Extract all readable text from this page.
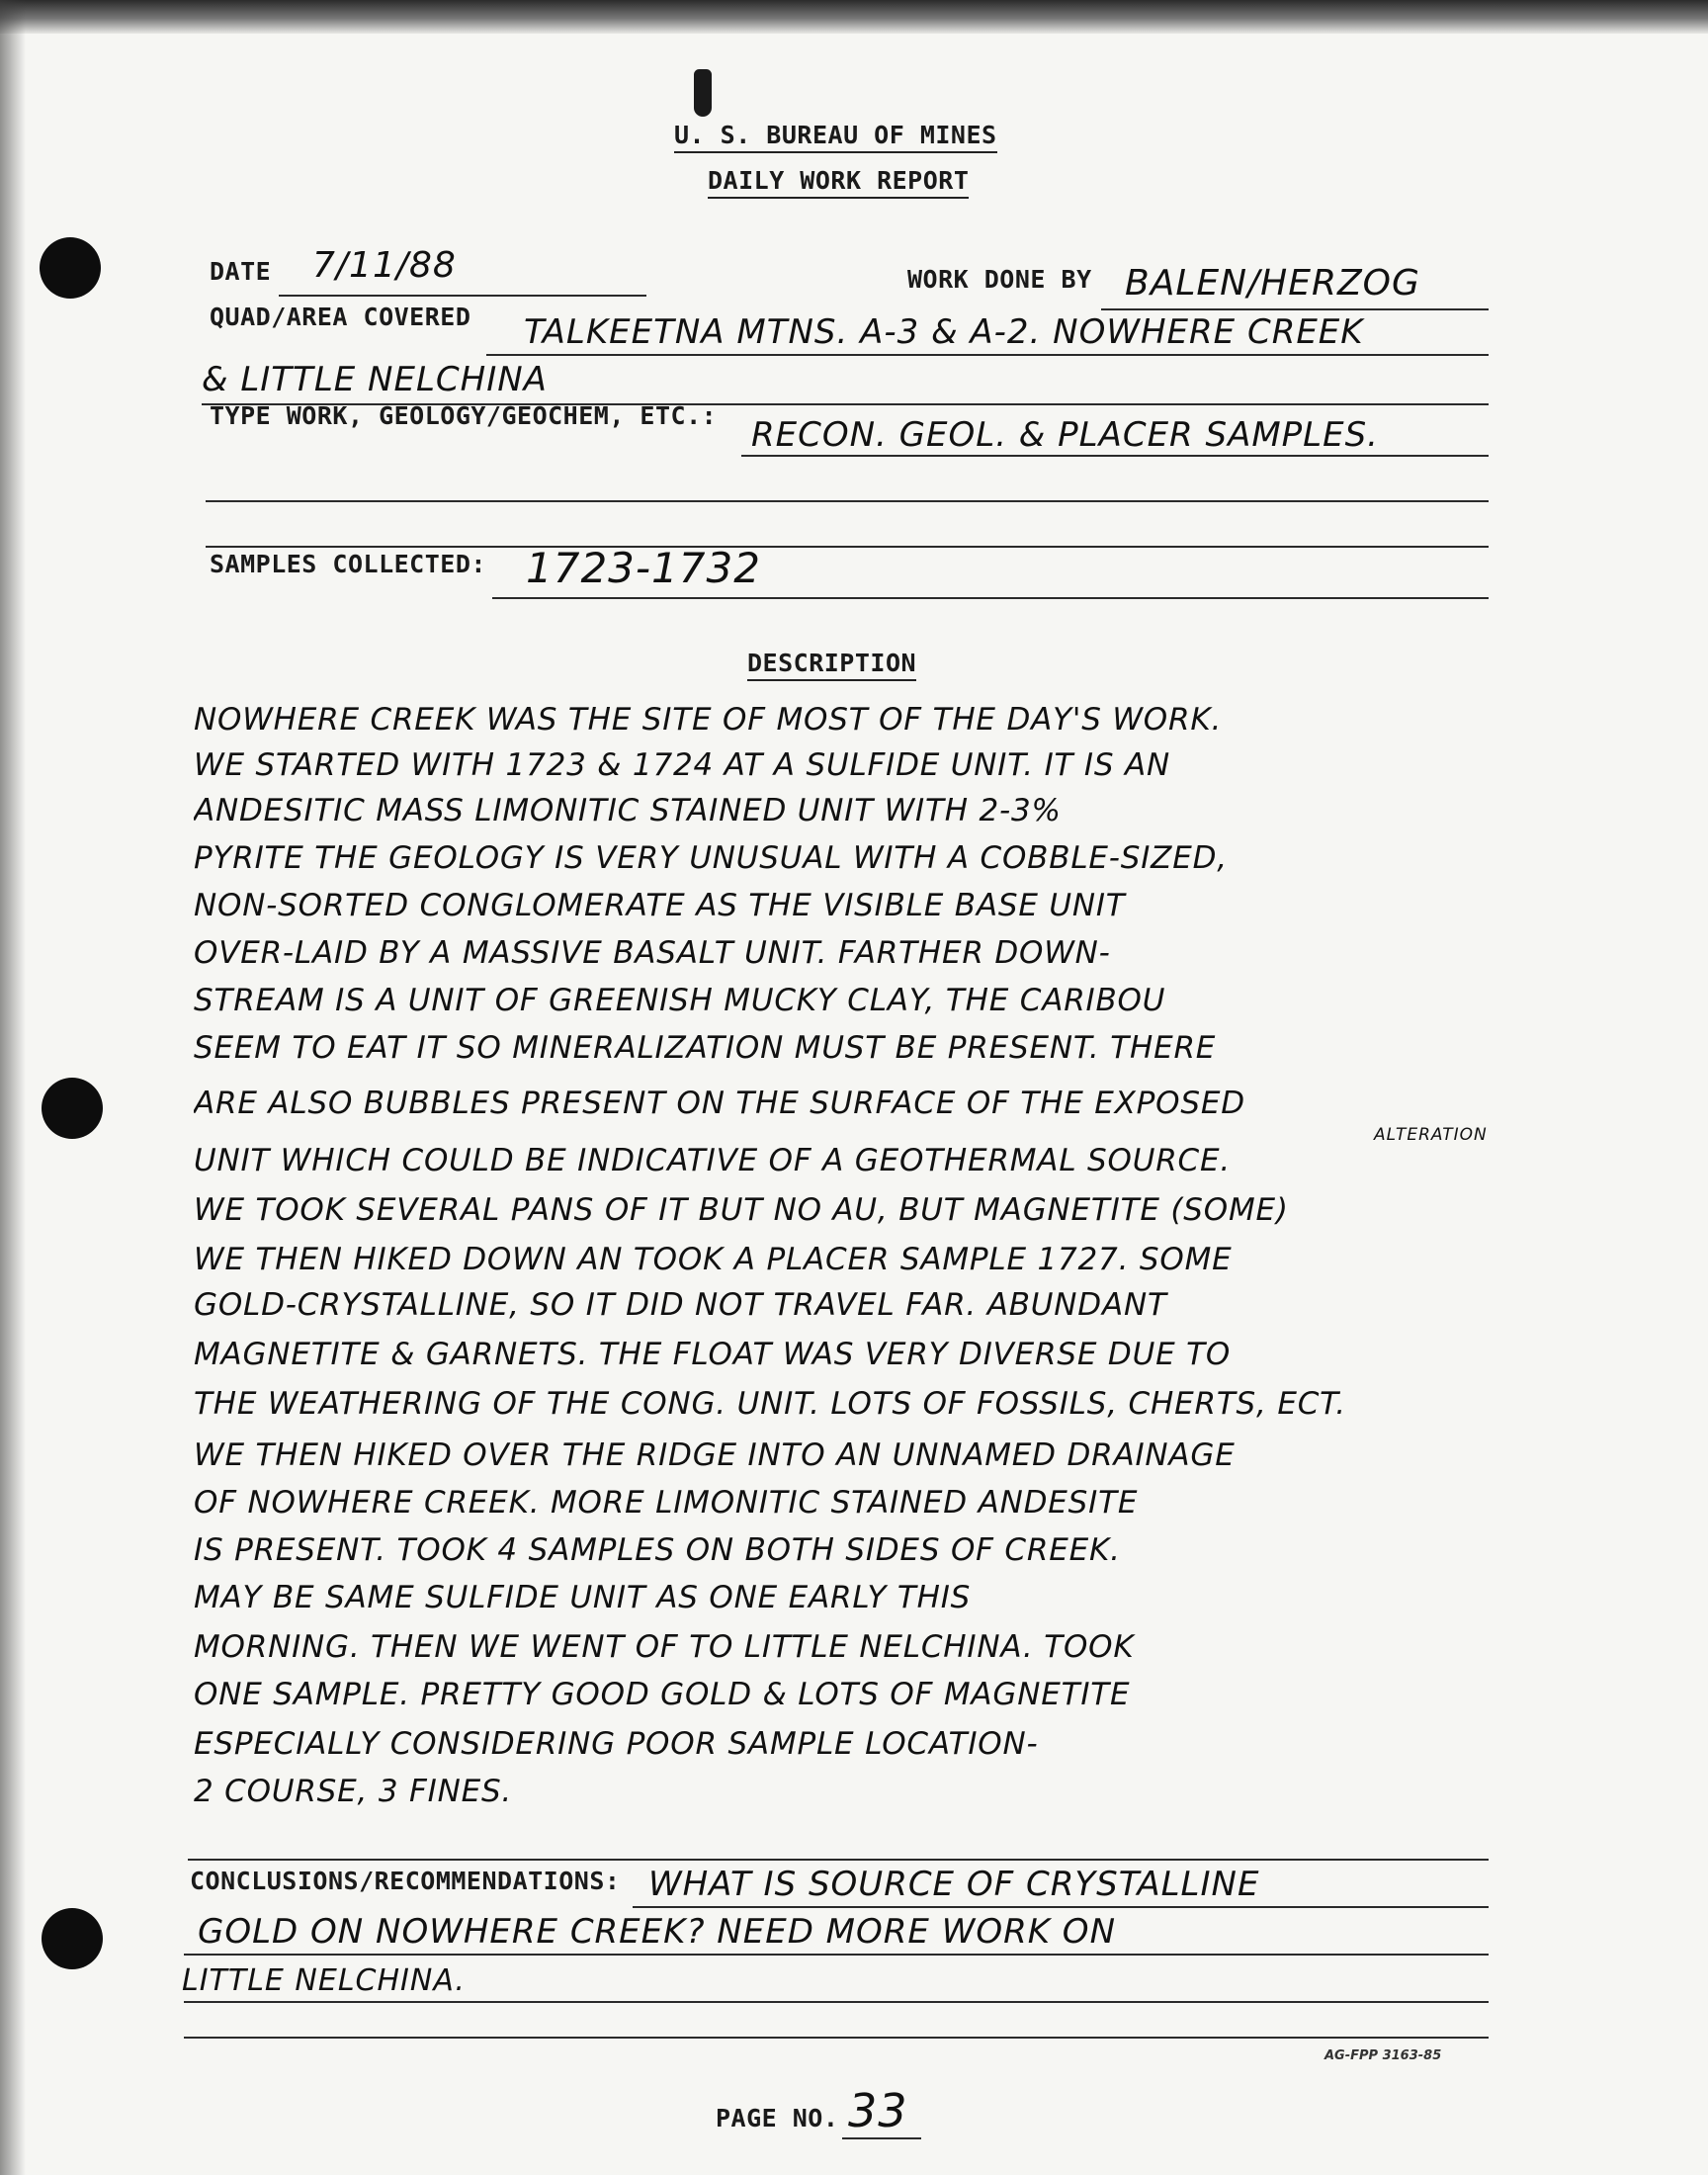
U. S. BUREAU OF MINES
DAILY WORK REPORT
DATE 7/11/88	WORK DONE BY BALEN/HERZOG
QUAD/AREA COVERED TALKEETNA MTNS. A-3 & A-2. NOWHERE CREEK
& LITTLE NELCHINA
TYPE WORK, GEOLOGY/GEOCHEM, ETC.: RECON. GEOL. & PLACER SAMPLES.
SAMPLES COLLECTED: 1723-1732
DESCRIPTION
NOWHERE CREEK WAS THE SITE OF MOST OF THE DAY'S WORK.
WE STARTED WITH 1723 & 1724 AT A SULFIDE UNIT. IT IS AN
ANDESITIC MASS LIMONITIC STAINED UNIT WITH 2-3%
PYRITE THE GEOLOGY IS VERY UNUSUAL WITH A COBBLE-SIZED,
NON-SORTED CONGLOMERATE AS THE VISIBLE BASE UNIT
OVER-LAID BY A MASSIVE BASALT UNIT. FARTHER DOWN-
STREAM IS A UNIT OF GREENISH MUCKY CLAY, THE CARIBOU
SEEM TO EAT IT SO MINERALIZATION MUST BE PRESENT. THERE
ARE ALSO BUBBLES PRESENT ON THE SURFACE OF THE EXPOSED
ALTERATION
UNIT WHICH COULD BE INDICATIVE OF A GEOTHERMAL SOURCE.
WE TOOK SEVERAL PANS OF IT BUT NO AU, BUT MAGNETITE (SOME)
WE THEN HIKED DOWN AN TOOK A PLACER SAMPLE 1727. SOME
GOLD-CRYSTALLINE, SO IT DID NOT TRAVEL FAR. ABUNDANT
MAGNETITE & GARNETS. THE FLOAT WAS VERY DIVERSE DUE TO
THE WEATHERING OF THE CONG. UNIT. LOTS OF FOSSILS, CHERTS, ECT.
WE THEN HIKED OVER THE RIDGE INTO AN UNNAMED DRAINAGE
OF NOWHERE CREEK. MORE LIMONITIC STAINED ANDESITE
IS PRESENT. TOOK 4 SAMPLES ON BOTH SIDES OF CREEK.
MAY BE SAME SULFIDE UNIT AS ONE EARLY THIS
MORNING. THEN WE WENT OF TO LITTLE NELCHINA. TOOK
ONE SAMPLE. PRETTY GOOD GOLD & LOTS OF MAGNETITE
ESPECIALLY CONSIDERING POOR SAMPLE LOCATION-
2 COURSE, 3 FINES.
CONCLUSIONS/RECOMMENDATIONS: WHAT IS SOURCE OF CRYSTALLINE
GOLD ON NOWHERE CREEK? NEED MORE WORK ON
LITTLE NELCHINA.
AG-FPP 3163-85
PAGE NO. 33
